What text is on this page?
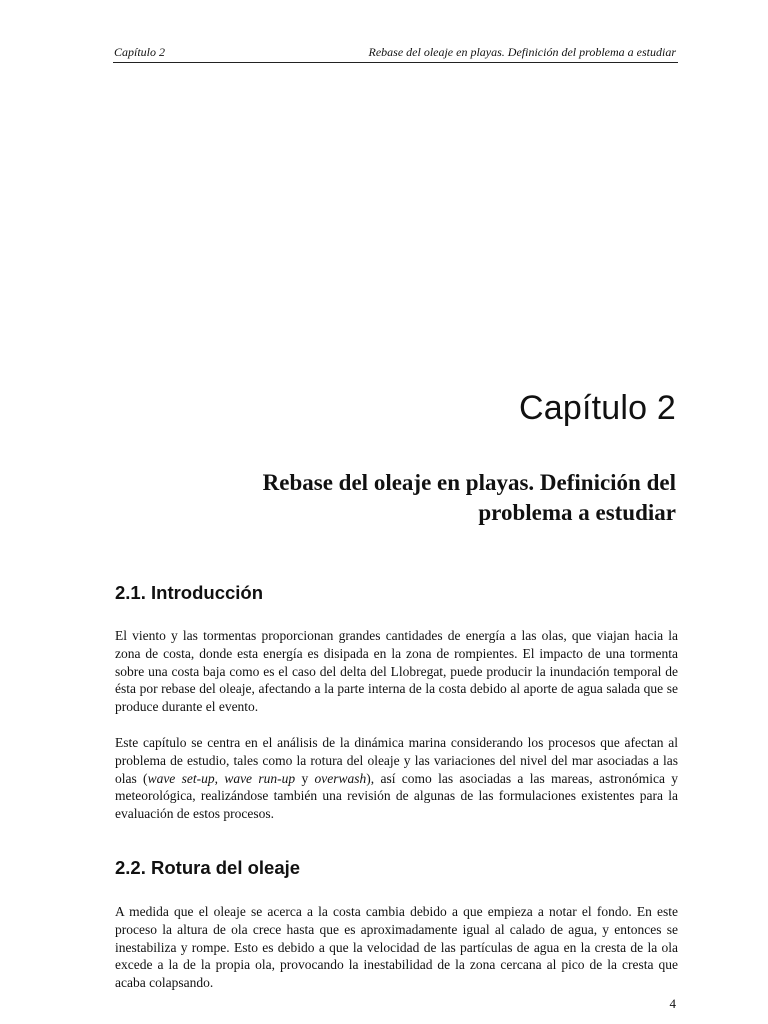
Capítulo 2	Rebase del oleaje en playas. Definición del problema a estudiar
Capítulo 2
Rebase del oleaje en playas. Definición del
problema a estudiar
2.1. Introducción

El viento y las tormentas proporcionan grandes cantidades de energía a las olas, que viajan hacia la zona de costa, donde esta energía es disipada en la zona de rompientes. El impacto de una tormenta sobre una costa baja como es el caso del delta del Llobregat, puede producir la inundación temporal de ésta por rebase del oleaje, afectando a la parte interna de la costa debido al aporte de agua salada que se produce durante el evento.

Este capítulo se centra en el análisis de la dinámica marina considerando los procesos que afectan al problema de estudio, tales como la rotura del oleaje y las variaciones del nivel del mar asociadas a las olas (wave set-up, wave run-up y overwash), así como las asociadas a las mareas, astronómica y meteorológica, realizándose también una revisión de algunas de las formulaciones existentes para la evaluación de estos procesos.

2.2. Rotura del oleaje

A medida que el oleaje se acerca a la costa cambia debido a que empieza a notar el fondo. En este proceso la altura de ola crece hasta que es aproximadamente igual al calado de agua, y entonces se inestabiliza y rompe. Esto es debido a que la velocidad de las partículas de agua en la cresta de la ola excede a la de la propia ola, provocando la inestabilidad de la zona cercana al pico de la cresta que acaba colapsando.

4
